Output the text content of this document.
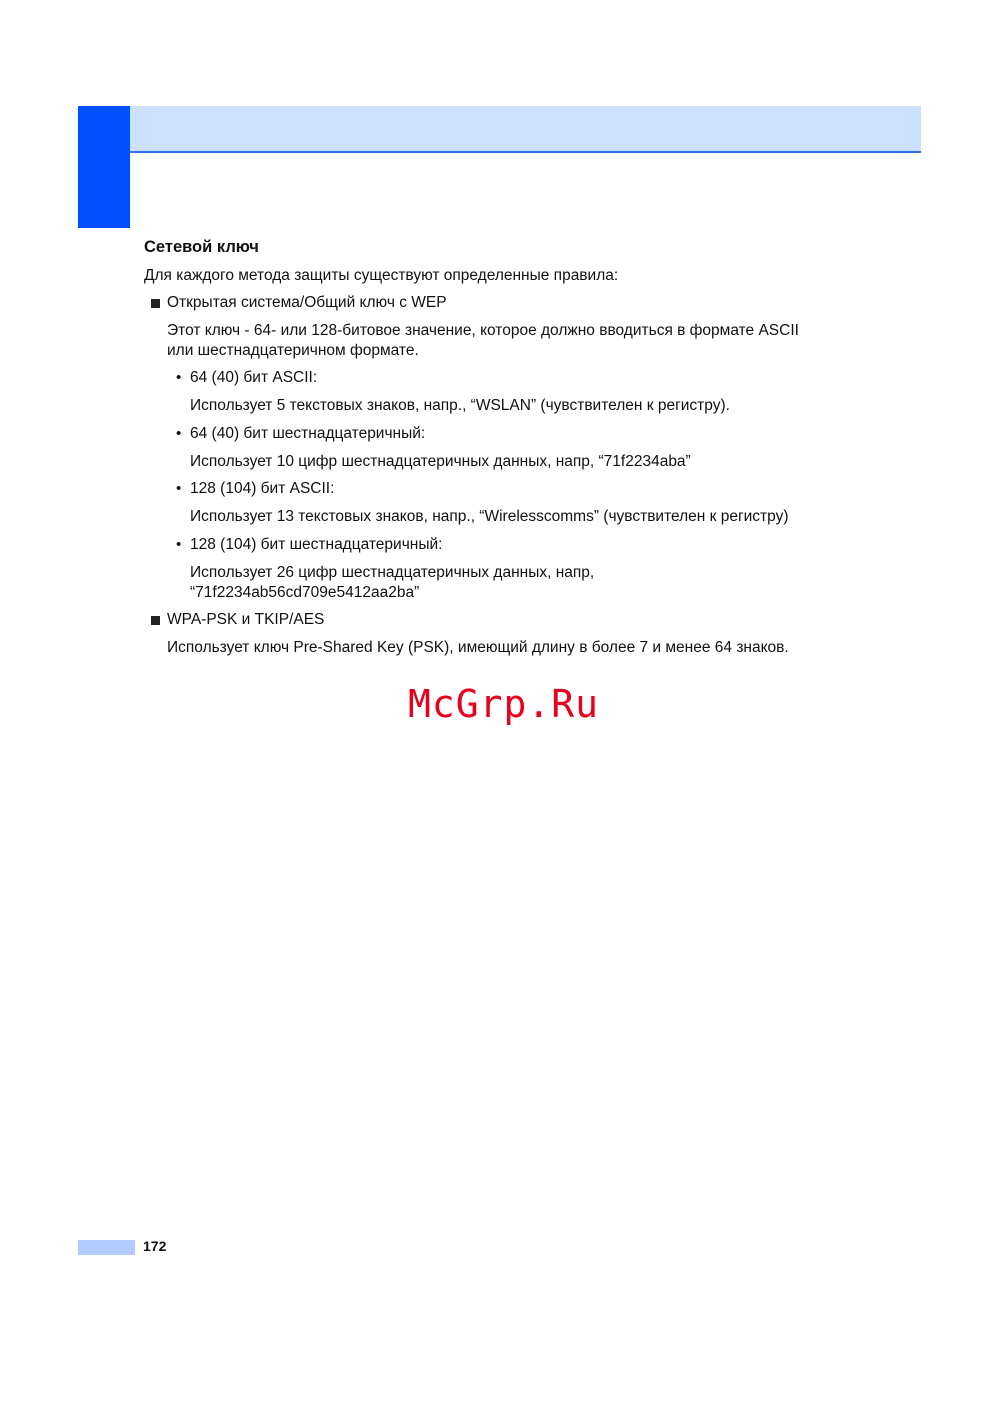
Сетевой ключ
Для каждого метода защиты существуют определенные правила:
Открытая система/Общий ключ с WEP
Этот ключ - 64- или 128-битовое значение, которое должно вводиться в формате ASCII
или шестнадцатеричном формате.
• 64 (40) бит ASCII:
Использует 5 текстовых знаков, напр., “WSLAN” (чувствителен к регистру).
• 64 (40) бит шестнадцатеричный:
Использует 10 цифр шестнадцатеричных данных, напр, “71f2234aba”
• 128 (104) бит ASCII:
Использует 13 текстовых знаков, напр., “Wirelesscomms” (чувствителен к регистру)
• 128 (104) бит шестнадцатеричный:
Использует 26 цифр шестнадцатеричных данных, напр,
“71f2234ab56cd709e5412aa2ba”
WPA-PSK и TKIP/AES
Использует ключ Pre-Shared Key (PSK), имеющий длину в более 7 и менее 64 знаков.
McGrp.Ru
172
